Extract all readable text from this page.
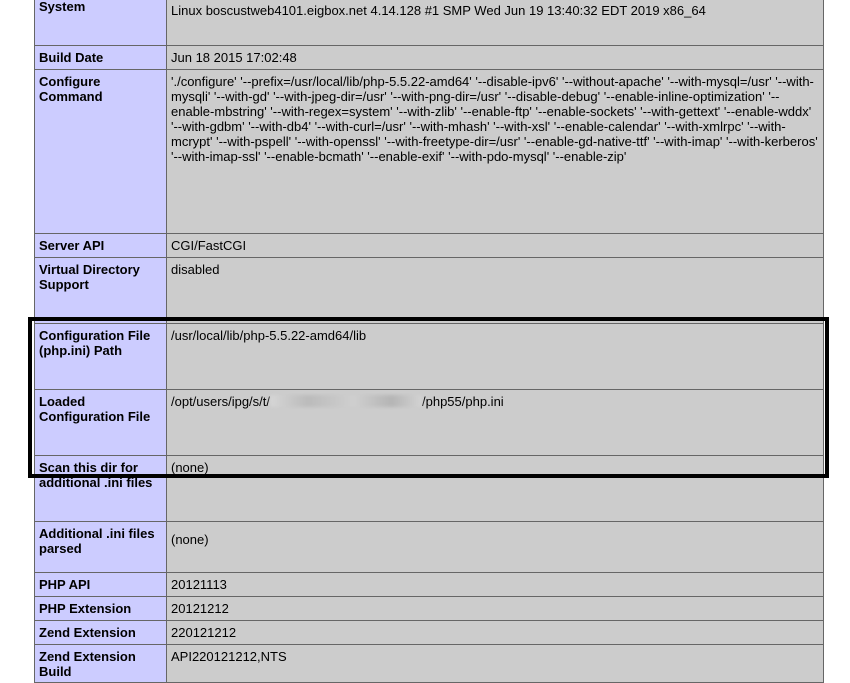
System	Linux boscustweb4101.eigbox.net 4.14.128 #1 SMP Wed Jun 19 13:40:32 EDT 2019 x86_64
Build Date	Jun 18 2015 17:02:48
Configure Command	'./configure' '--prefix=/usr/local/lib/php-5.5.22-amd64' '--disable-ipv6' '--without-apache' '--with-mysql=/usr' '--with-mysqli' '--with-gd' '--with-jpeg-dir=/usr' '--with-png-dir=/usr' '--disable-debug' '--enable-inline-optimization' '--enable-mbstring' '--with-regex=system' '--with-zlib' '--enable-ftp' '--enable-sockets' '--with-gettext' '--enable-wddx' '--with-gdbm' '--with-db4' '--with-curl=/usr' '--with-mhash' '--with-xsl' '--enable-calendar' '--with-xmlrpc' '--with-mcrypt' '--with-pspell' '--with-openssl' '--with-freetype-dir=/usr' '--enable-gd-native-ttf' '--with-imap' '--with-kerberos' '--with-imap-ssl' '--enable-bcmath' '--enable-exif' '--with-pdo-mysql' '--enable-zip'
Server API	CGI/FastCGI
Virtual Directory Support	disabled
Configuration File (php.ini) Path	/usr/local/lib/php-5.5.22-amd64/lib
Loaded Configuration File	/opt/users/ipg/s/t/ /php55/php.ini
Scan this dir for additional .ini files	(none)
Additional .ini files parsed	(none)
PHP API	20121113
PHP Extension	20121212
Zend Extension	220121212
Zend Extension Build	API220121212,NTS
